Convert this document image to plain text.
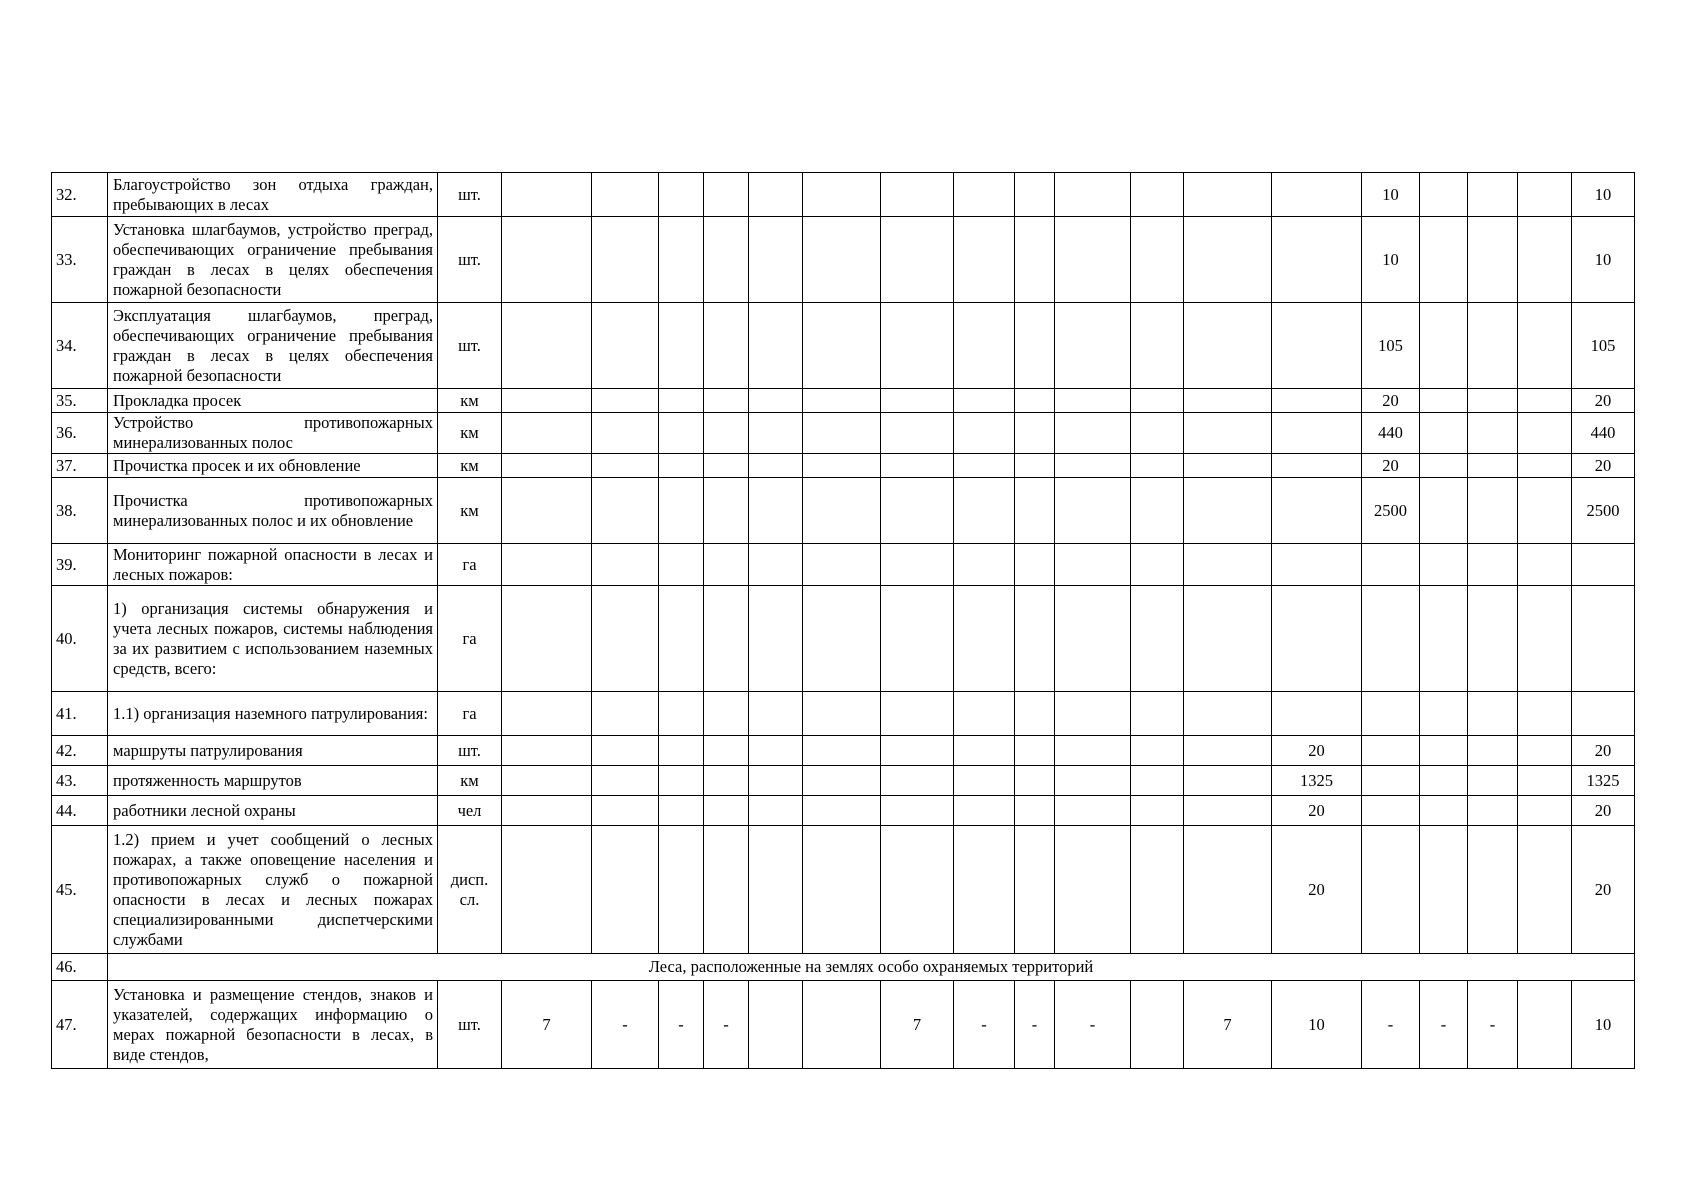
32.	Благоустройство зон отдыха граждан, пребывающих в лесах	шт.														10				10
33.	Установка шлагбаумов, устройство преград, обеспечивающих ограничение пребывания граждан в лесах в целях обеспечения пожарной безопасности	шт.														10				10
34.	Эксплуатация шлагбаумов, преград, обеспечивающих ограничение пребывания граждан в лесах в целях обеспечения пожарной безопасности	шт.														105				105
35.	Прокладка просек	км														20				20
36.	Устройство противопожарных минерализованных полос	км														440				440
37.	Прочистка просек и их обновление	км														20				20
38.	Прочистка противопожарных минерализованных полос и их обновление	км														2500				2500
39.	Мониторинг пожарной опасности в лесах и лесных пожаров:	га																		
40.	1) организация системы обнаружения и учета лесных пожаров, системы наблюдения за их развитием с использованием наземных средств, всего:	га																		
41.	1.1) организация наземного патрулирования:	га																		
42.	маршруты патрулирования	шт.													20					20
43.	протяженность маршрутов	км													1325					1325
44.	работники лесной охраны	чел													20					20
45.	1.2) прием и учет сообщений о лесных пожарах, а также оповещение населения и противопожарных служб о пожарной опасности в лесах и лесных пожарах специализированными диспетчерскими службами	дисп. сл.													20					20
46.	Леса, расположенные на землях особо охраняемых территорий																			
47.	Установка и размещение стендов, знаков и указателей, содержащих информацию о мерах пожарной безопасности в лесах, в виде стендов,	шт.	7	-	-	-			7	-	-	-		7	10	-	-	-		10
